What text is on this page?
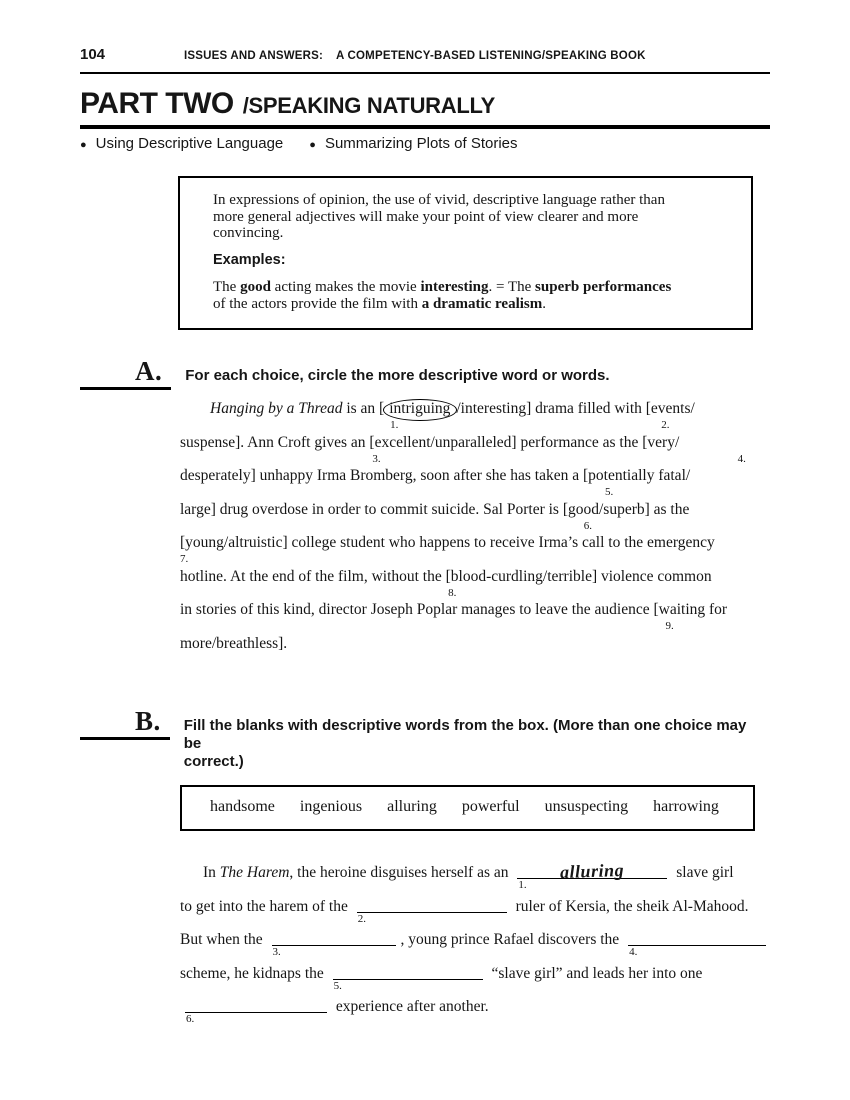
104	ISSUES AND ANSWERS: A COMPETENCY-BASED LISTENING/SPEAKING BOOK
PART TWO /SPEAKING NATURALLY
●
Using Descriptive Language ●	Summarizing Plots of Stories
In expressions of opinion, the use of vivid, descriptive language rather than
more general adjectives will make your point of view clearer and more
convincing.
Examples:
The good acting makes the movie interesting. = The superb performances
of the actors provide the film with a dramatic realism.
A.	For each choice, circle the more descriptive word or words.
Hanging by a Thread is an [ intriguing /interesting] drama filled with [events/
1.	2.
suspense]. Ann Croft gives an [excellent/unparalleled] performance as the [very/
3.	4.
desperately] unhappy Irma Bromberg, soon after she has taken a [potentially fatal/
5.
large] drug overdose in order to commit suicide. Sal Porter is [good/superb] as the
6.
[young/altruistic] college student who happens to receive Irma’s call to the emergency
7.
hotline. At the end of the film, without the [blood-curdling/terrible] violence common
8.
in stories of this kind, director Joseph Poplar manages to leave the audience [waiting for
9.
more/breathless].
B.	Fill the blanks with descriptive words from the box. (More than one choice may be
correct.)
handsome ingenious alluring powerful unsuspecting harrowing
In The Harem, the heroine disguises herself as an	alluring
1.
slave girl
to get into the harem of the
2.
ruler of Kersia, the sheik Al-Mahood.
But when the
3.
, young prince Rafael discovers the
4.
scheme, he kidnaps the
5.
“slave girl” and leads her into one
6.
experience after another.
